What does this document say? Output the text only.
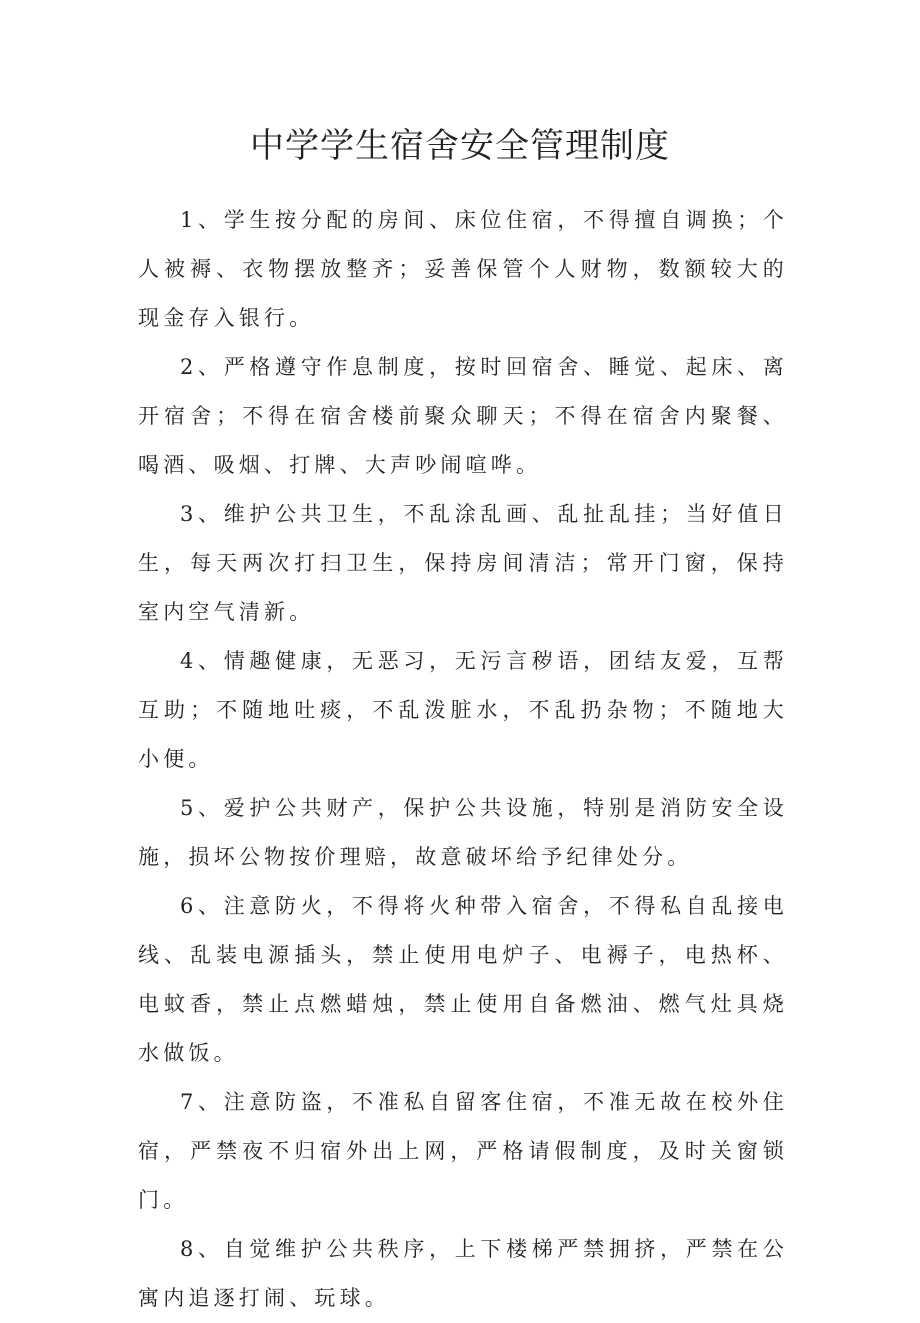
中学学生宿舍安全管理制度

1、学生按分配的房间、床位住宿，不得擅自调换；个人被褥、衣物摆放整齐；妥善保管个人财物，数额较大的现金存入银行。

2、严格遵守作息制度，按时回宿舍、睡觉、起床、离开宿舍；不得在宿舍楼前聚众聊天；不得在宿舍内聚餐、喝酒、吸烟、打牌、大声吵闹喧哗。

3、维护公共卫生，不乱涂乱画、乱扯乱挂；当好值日生，每天两次打扫卫生，保持房间清洁；常开门窗，保持室内空气清新。

4、情趣健康，无恶习，无污言秽语，团结友爱，互帮互助；不随地吐痰，不乱泼脏水，不乱扔杂物；不随地大小便。

5、爱护公共财产，保护公共设施，特别是消防安全设施，损坏公物按价理赔，故意破坏给予纪律处分。

6、注意防火，不得将火种带入宿舍，不得私自乱接电线、乱装电源插头，禁止使用电炉子、电褥子，电热杯、电蚊香，禁止点燃蜡烛，禁止使用自备燃油、燃气灶具烧水做饭。

7、注意防盗，不准私自留客住宿，不准无故在校外住宿，严禁夜不归宿外出上网，严格请假制度，及时关窗锁门。

8、自觉维护公共秩序，上下楼梯严禁拥挤，严禁在公寓内追逐打闹、玩球。
